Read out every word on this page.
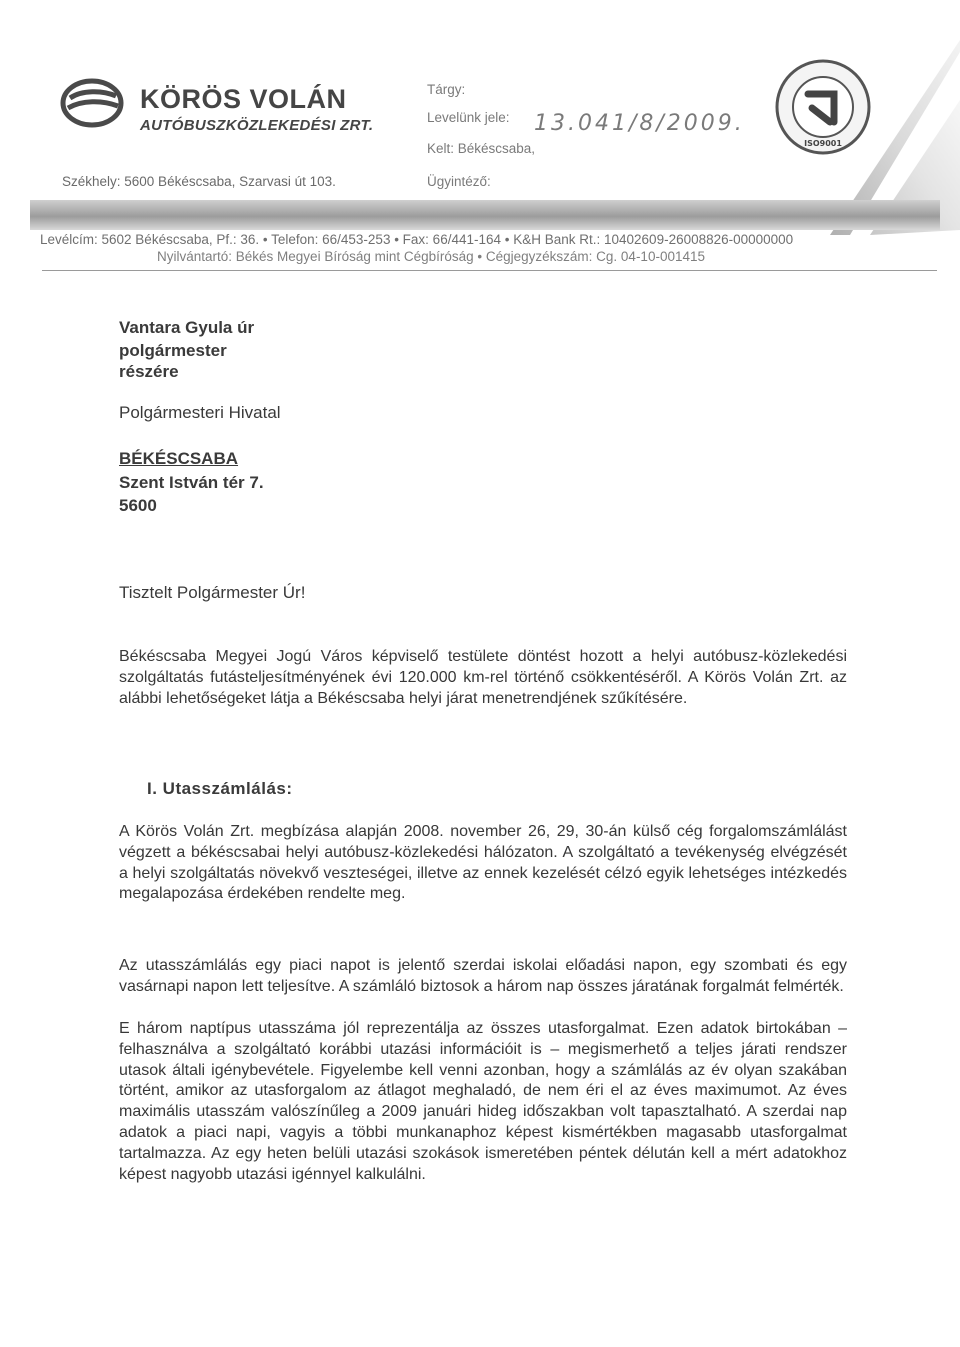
KÖRÖS VOLÁN
AUTÓBUSZKÖZLEKEDÉSI ZRT.
Székhely: 5600 Békéscsaba, Szarvasi út 103.
Tárgy:
Levelünk jele: 13.041/8/2009.
Kelt: Békéscsaba,
Ügyintéző:
ISO9001
Levélcím: 5602 Békéscsaba, Pf.: 36. • Telefon: 66/453-253 • Fax: 66/441-164 • K&H Bank Rt.: 10402609-26008826-00000000
Nyilvántartó: Békés Megyei Bíróság mint Cégbíróság • Cégjegyzékszám: Cg. 04-10-001415
Vantara Gyula úr
polgármester
részére
Polgármesteri Hivatal
BÉKÉSCSABA
Szent István tér 7.
5600
Tisztelt Polgármester Úr!
Békéscsaba Megyei Jogú Város képviselő testülete döntést hozott a helyi autóbusz-közlekedési szolgáltatás futásteljesítményének évi 120.000 km-rel történő csökkentéséről. A Körös Volán Zrt. az alábbi lehetőségeket látja a Békéscsaba helyi járat menetrendjének szűkítésére.
I. Utasszámlálás:
A Körös Volán Zrt. megbízása alapján 2008. november 26, 29, 30-án külső cég forgalomszámlálást végzett a békéscsabai helyi autóbusz-közlekedési hálózaton. A szolgáltató a tevékenység elvégzését a helyi szolgáltatás növekvő veszteségei, illetve az ennek kezelését célzó egyik lehetséges intézkedés megalapozása érdekében rendelte meg.
Az utasszámlálás egy piaci napot is jelentő szerdai iskolai előadási napon, egy szombati és egy vasárnapi napon lett teljesítve. A számláló biztosok a három nap összes járatának forgalmát felmérték.
E három naptípus utasszáma jól reprezentálja az összes utasforgalmat. Ezen adatok birtokában – felhasználva a szolgáltató korábbi utazási információit is – megismerhető a teljes járati rendszer utasok általi igénybevétele. Figyelembe kell venni azonban, hogy a számlálás az év olyan szakában történt, amikor az utasforgalom az átlagot meghaladó, de nem éri el az éves maximumot. Az éves maximális utasszám valószínűleg a 2009 januári hideg időszakban volt tapasztalható. A szerdai nap adatok a piaci napi, vagyis a többi munkanaphoz képest kismértékben magasabb utasforgalmat tartalmazza. Az egy heten belüli utazási szokások ismeretében péntek délután kell a mért adatokhoz képest nagyobb utazási igénnyel kalkulálni.
